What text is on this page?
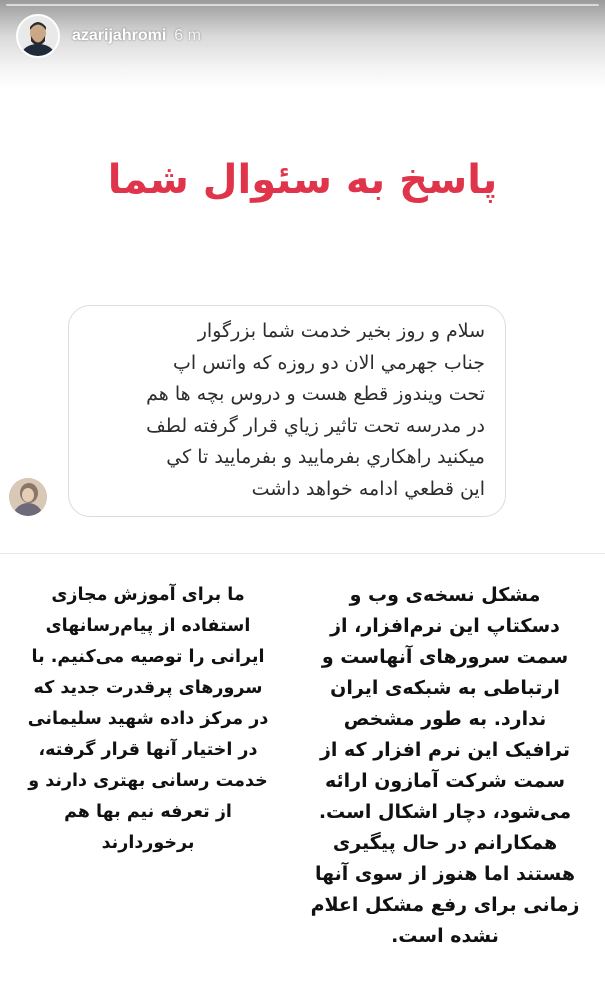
azarijahromi 6 m
پاسخ به سئوال شما
سلام و روز بخير خدمت شما بزرگوار
جناب جهرمي الان دو روزه كه واتس اپ
تحت ويندوز قطع هست و دروس بچه ها هم
در مدرسه تحت تاثير زياي قرار گرفته لطف
ميكنيد راهكاري بفرماييد و بفرماييد تا كي
اين قطعي ادامه خواهد داشت
مشکل نسخه‌ی وب و
دسکتاپ این نرم‌افزار، از
سمت سرورهای آنهاست و
ارتباطی به شبکه‌ی ایران
ندارد. به طور مشخص
ترافیک این نرم افزار که از
سمت شرکت آمازون ارائه
می‌شود، دچار اشکال است.
همکارانم در حال پیگیری
هستند اما هنوز از سوی آنها
زمانی برای رفع مشکل اعلام
نشده است.
ما برای آموزش مجازی
استفاده از پیام‌رسانهای
ایرانی را توصیه می‌کنیم. با
سرورهای پرقدرت جدید که
در مرکز داده شهید سلیمانی
در اختیار آنها قرار گرفته،
خدمت رسانی بهتری دارند و
از تعرفه نیم بها هم
برخوردارند
